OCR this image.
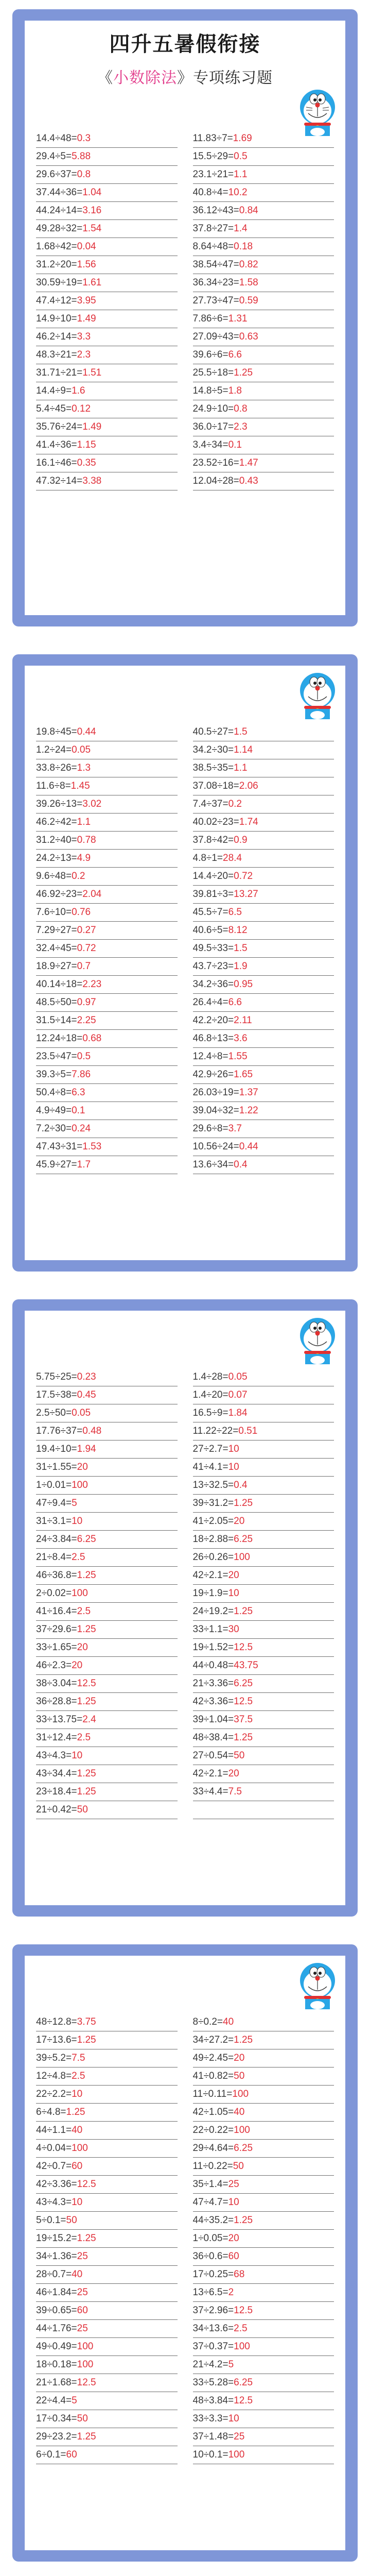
四升五暑假衔接
《小数除法》专项练习题
14.4÷48=0.3	11.83÷7=1.69
29.4÷5=5.88	15.5÷29=0.5
29.6÷37=0.8	23.1÷21=1.1
37.44÷36=1.04	40.8÷4=10.2
44.24÷14=3.16	36.12÷43=0.84
49.28÷32=1.54	37.8÷27=1.4
1.68÷42=0.04	8.64÷48=0.18
31.2÷20=1.56	38.54÷47=0.82
30.59÷19=1.61	36.34÷23=1.58
47.4÷12=3.95	27.73÷47=0.59
14.9÷10=1.49	7.86÷6=1.31
46.2÷14=3.3	27.09÷43=0.63
48.3÷21=2.3	39.6÷6=6.6
31.71÷21=1.51	25.5÷18=1.25
14.4÷9=1.6	14.8÷5=1.8
5.4÷45=0.12	24.9÷10=0.8
35.76÷24=1.49	36.0÷17=2.3
41.4÷36=1.15	3.4÷34=0.1
16.1÷46=0.35	23.52÷16=1.47
47.32÷14=3.38	12.04÷28=0.43
19.8÷45=0.44	40.5÷27=1.5
1.2÷24=0.05	34.2÷30=1.14
33.8÷26=1.3	38.5÷35=1.1
11.6÷8=1.45	37.08÷18=2.06
39.26÷13=3.02	7.4÷37=0.2
46.2÷42=1.1	40.02÷23=1.74
31.2÷40=0.78	37.8÷42=0.9
24.2÷13=4.9	4.8÷1=28.4
9.6÷48=0.2	14.4÷20=0.72
46.92÷23=2.04	39.81÷3=13.27
7.6÷10=0.76	45.5÷7=6.5
7.29÷27=0.27	40.6÷5=8.12
32.4÷45=0.72	49.5÷33=1.5
18.9÷27=0.7	43.7÷23=1.9
40.14÷18=2.23	34.2÷36=0.95
48.5÷50=0.97	26.4÷4=6.6
31.5÷14=2.25	42.2÷20=2.11
12.24÷18=0.68	46.8÷13=3.6
23.5÷47=0.5	12.4÷8=1.55
39.3÷5=7.86	42.9÷26=1.65
50.4÷8=6.3	26.03÷19=1.37
4.9÷49=0.1	39.04÷32=1.22
7.2÷30=0.24	29.6÷8=3.7
47.43÷31=1.53	10.56÷24=0.44
45.9÷27=1.7	13.6÷34=0.4
5.75÷25=0.23	1.4÷28=0.05
17.5÷38=0.45	1.4÷20=0.07
2.5÷50=0.05	16.5÷9=1.84
17.76÷37=0.48	11.22÷22=0.51
19.4÷10=1.94	27÷2.7=10
31÷1.55=20	41÷4.1=10
1÷0.01=100	13÷32.5=0.4
47÷9.4=5	39÷31.2=1.25
31÷3.1=10	41÷2.05=20
24÷3.84=6.25	18÷2.88=6.25
21÷8.4=2.5	26÷0.26=100
46÷36.8=1.25	42÷2.1=20
2÷0.02=100	19÷1.9=10
41÷16.4=2.5	24÷19.2=1.25
37÷29.6=1.25	33÷1.1=30
33÷1.65=20	19÷1.52=12.5
46÷2.3=20	44÷0.48=43.75
38÷3.04=12.5	21÷3.36=6.25
36÷28.8=1.25	42÷3.36=12.5
33÷13.75=2.4	39÷1.04=37.5
31÷12.4=2.5	48÷38.4=1.25
43÷4.3=10	27÷0.54=50
43÷34.4=1.25	42÷2.1=20
23÷18.4=1.25	33÷4.4=7.5
21÷0.42=50
48÷12.8=3.75	8÷0.2=40
17÷13.6=1.25	34÷27.2=1.25
39÷5.2=7.5	49÷2.45=20
12÷4.8=2.5	41÷0.82=50
22÷2.2=10	11÷0.11=100
6÷4.8=1.25	42÷1.05=40
44÷1.1=40	22÷0.22=100
4÷0.04=100	29÷4.64=6.25
42÷0.7=60	11÷0.22=50
42÷3.36=12.5	35÷1.4=25
43÷4.3=10	47÷4.7=10
5÷0.1=50	44÷35.2=1.25
19÷15.2=1.25	1÷0.05=20
34÷1.36=25	36÷0.6=60
28÷0.7=40	17÷0.25=68
46÷1.84=25	13÷6.5=2
39÷0.65=60	37÷2.96=12.5
44÷1.76=25	34÷13.6=2.5
49÷0.49=100	37÷0.37=100
18÷0.18=100	21÷4.2=5
21÷1.68=12.5	33÷5.28=6.25
22÷4.4=5	48÷3.84=12.5
17÷0.34=50	33÷3.3=10
29÷23.2=1.25	37÷1.48=25
6÷0.1=60	10÷0.1=100
